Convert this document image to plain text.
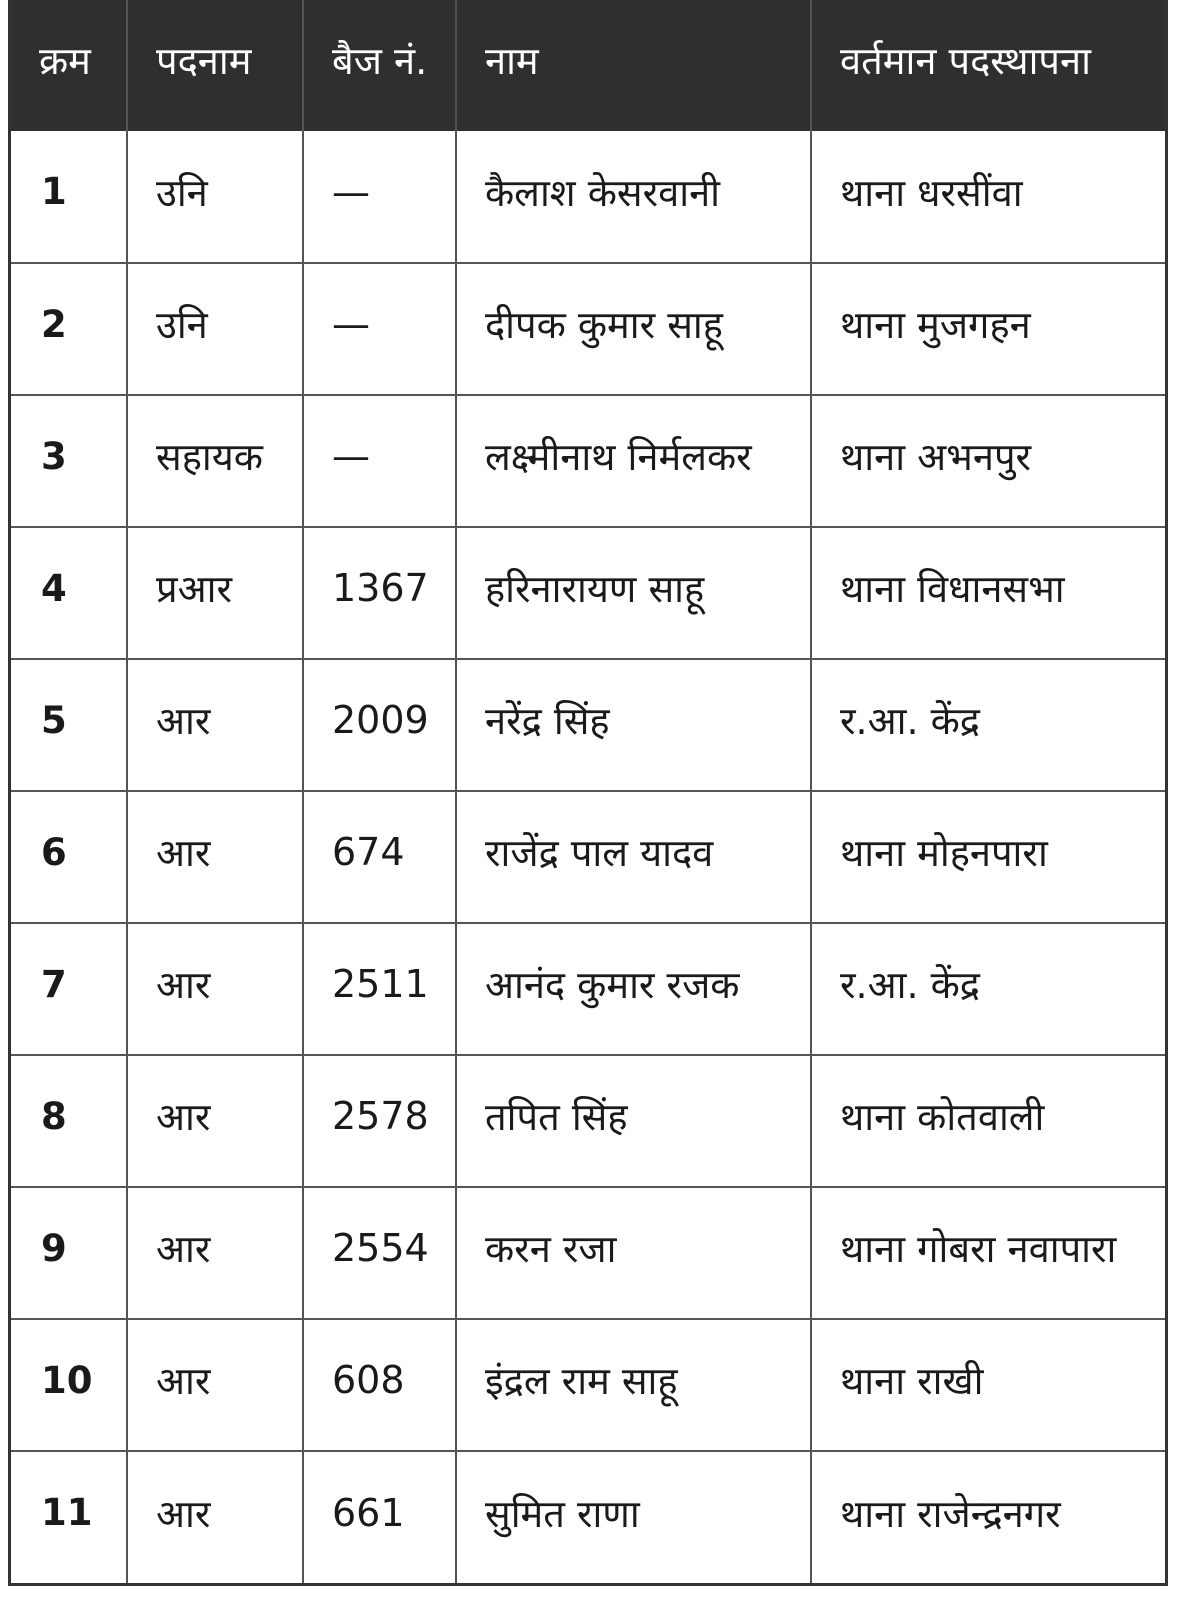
क्रम	पदनाम	बैज नं.	नाम	वर्तमान पदस्थापना
1	उनि	—	कैलाश केसरवानी	थाना धरसींवा
2	उनि	—	दीपक कुमार साहू	थाना मुजगहन
3	सहायक	—	लक्ष्मीनाथ निर्मलकर	थाना अभनपुर
4	प्रआर	1367	हरिनारायण साहू	थाना विधानसभा
5	आर	2009	नरेंद्र सिंह	र.आ. केंद्र
6	आर	674	राजेंद्र पाल यादव	थाना मोहनपारा
7	आर	2511	आनंद कुमार रजक	र.आ. केंद्र
8	आर	2578	तपित सिंह	थाना कोतवाली
9	आर	2554	करन रजा	थाना गोबरा नवापारा
10	आर	608	इंद्रल राम साहू	थाना राखी
11	आर	661	सुमित राणा	थाना राजेन्द्रनगर
